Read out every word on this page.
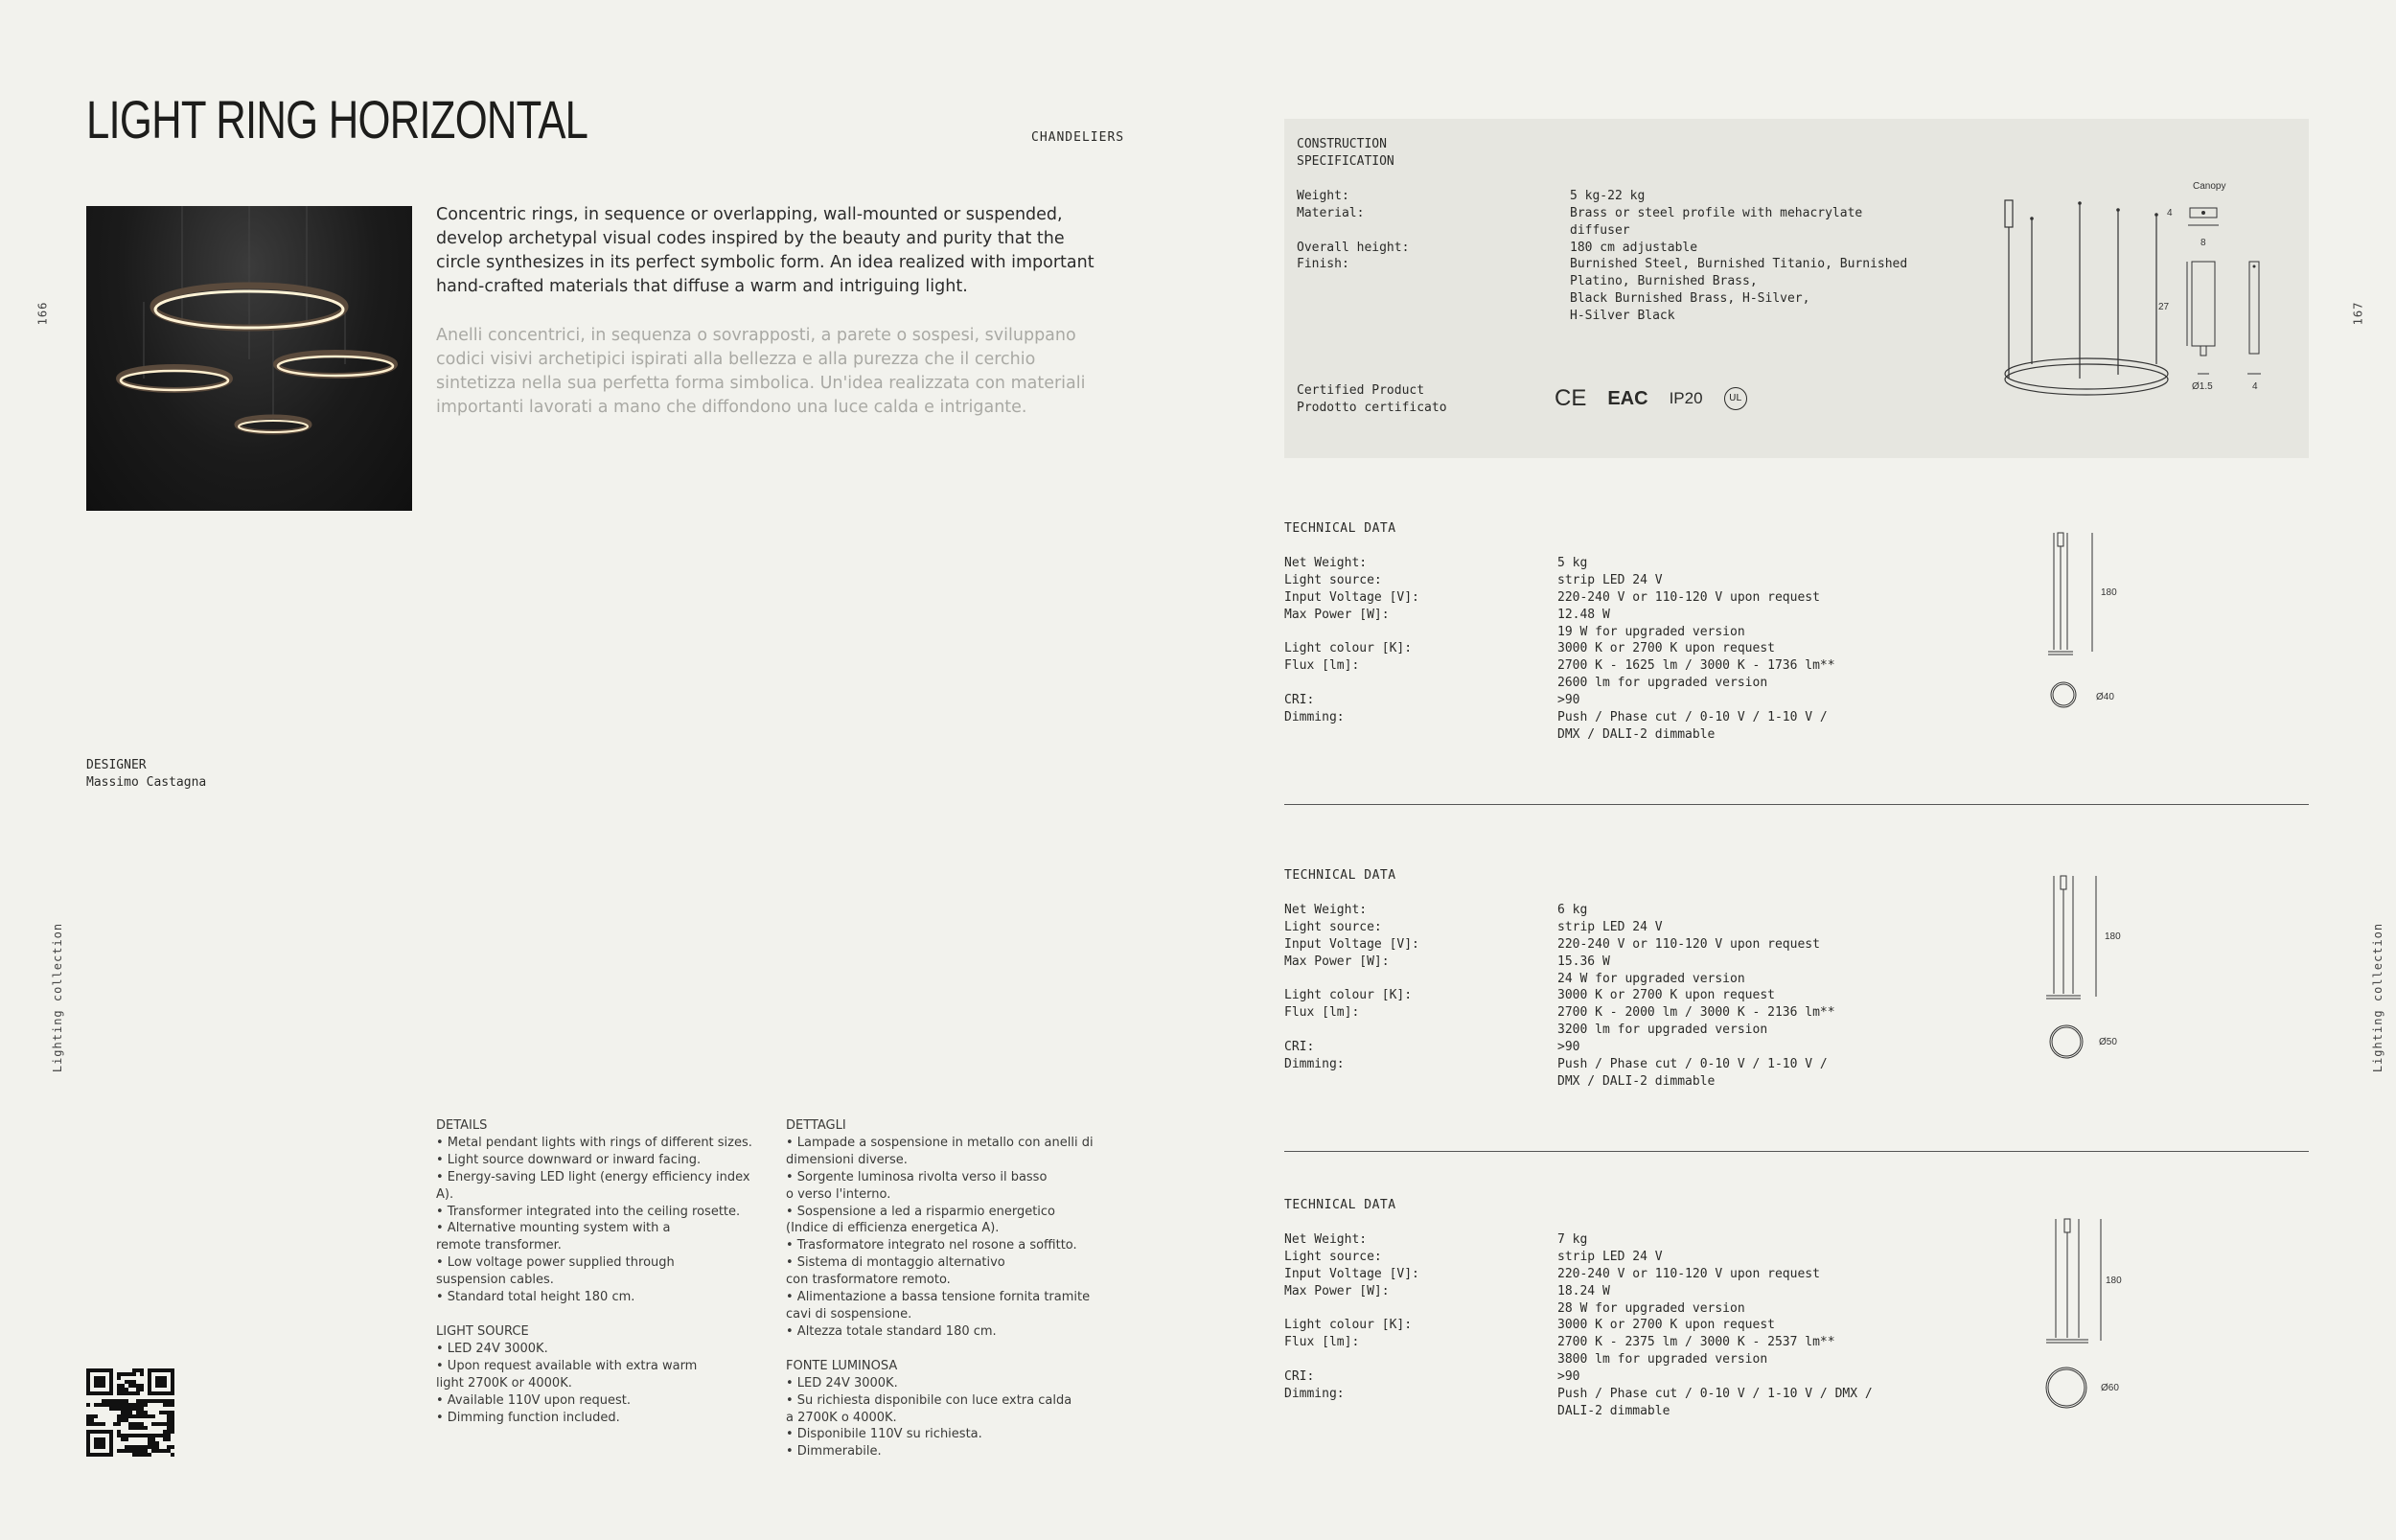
LIGHT RING HORIZONTAL	CHANDELIERS
166
Lighting collection
Concentric rings, in sequence or overlapping, wall-mounted or suspended, develop archetypal visual codes inspired by the beauty and purity that the circle synthesizes in its perfect symbolic form. An idea realized with important hand-crafted materials that diffuse a warm and intriguing light.
Anelli concentrici, in sequenza o sovrapposti, a parete o sospesi, sviluppano codici visivi archetipici ispirati alla bellezza e alla purezza che il cerchio sintetizza nella sua perfetta forma simbolica. Un'idea realizzata con materiali importanti lavorati a mano che diffondono una luce calda e intrigante.
DESIGNER
Massimo Castagna
DETAILS
• Metal pendant lights with rings of different sizes.
• Light source downward or inward facing.
• Energy-saving LED light (energy efficiency index A).
• Transformer integrated into the ceiling rosette.
• Alternative mounting system with a
remote transformer.
• Low voltage power supplied through
suspension cables.
• Standard total height 180 cm.
LIGHT SOURCE
• LED 24V 3000K.
• Upon request available with extra warm
light 2700K or 4000K.
• Available 110V upon request.
• Dimming function included.
DETTAGLI
• Lampade a sospensione in metallo con anelli di
dimensioni diverse.
• Sorgente luminosa rivolta verso il basso
o verso l'interno.
• Sospensione a led a risparmio energetico
(Indice di efficienza energetica A).
• Trasformatore integrato nel rosone a soffitto.
• Sistema di montaggio alternativo
con trasformatore remoto.
• Alimentazione a bassa tensione fornita tramite
cavi di sospensione.
• Altezza totale standard 180 cm.
FONTE LUMINOSA
• LED 24V 3000K.
• Su richiesta disponibile con luce extra calda
a 2700K o 4000K.
• Disponibile 110V su richiesta.
• Dimmerabile.
167
Lighting collection
CONSTRUCTION
SPECIFICATION
Weight:	5 kg-22 kg
Material:	Brass or steel profile with mehacrylate
diffuser
Overall height:	180 cm adjustable
Finish:	Burnished Steel, Burnished Titanio, Burnished
Platino, Burnished Brass,
Black Burnished Brass, H-Silver,
H-Silver Black
Certified Product
Prodotto certificato	CE EAC IP20	UL
Canopy
4
8
27
Ø1.5	4
TECHNICAL DATA
Net Weight:	5 kg
Light source:	strip LED 24 V
Input Voltage [V]:	220-240 V or 110-120 V upon request
Max Power [W]:	12.48 W
19 W for upgraded version
Light colour [K]:	3000 K or 2700 K upon request
Flux [lm]:	2700 K - 1625 lm / 3000 K - 1736 lm**
2600 lm for upgraded version
CRI:	>90
Dimming:	Push / Phase cut / 0-10 V / 1-10 V /
DMX / DALI-2 dimmable
TECHNICAL DATA
Net Weight:	6 kg
Light source:	strip LED 24 V
Input Voltage [V]:	220-240 V or 110-120 V upon request
Max Power [W]:	15.36 W
24 W for upgraded version
Light colour [K]:	3000 K or 2700 K upon request
Flux [lm]:	2700 K - 2000 lm / 3000 K - 2136 lm**
3200 lm for upgraded version
CRI:	>90
Dimming:	Push / Phase cut / 0-10 V / 1-10 V /
DMX / DALI-2 dimmable
TECHNICAL DATA
Net Weight:	7 kg
Light source:	strip LED 24 V
Input Voltage [V]:	220-240 V or 110-120 V upon request
Max Power [W]:	18.24 W
28 W for upgraded version
Light colour [K]:	3000 K or 2700 K upon request
Flux [lm]:	2700 K - 2375 lm / 3000 K - 2537 lm**
3800 lm for upgraded version
CRI:	>90
Dimming:	Push / Phase cut / 0-10 V / 1-10 V / DMX /
DALI-2 dimmable
180
Ø40
180
Ø50
180
Ø60
